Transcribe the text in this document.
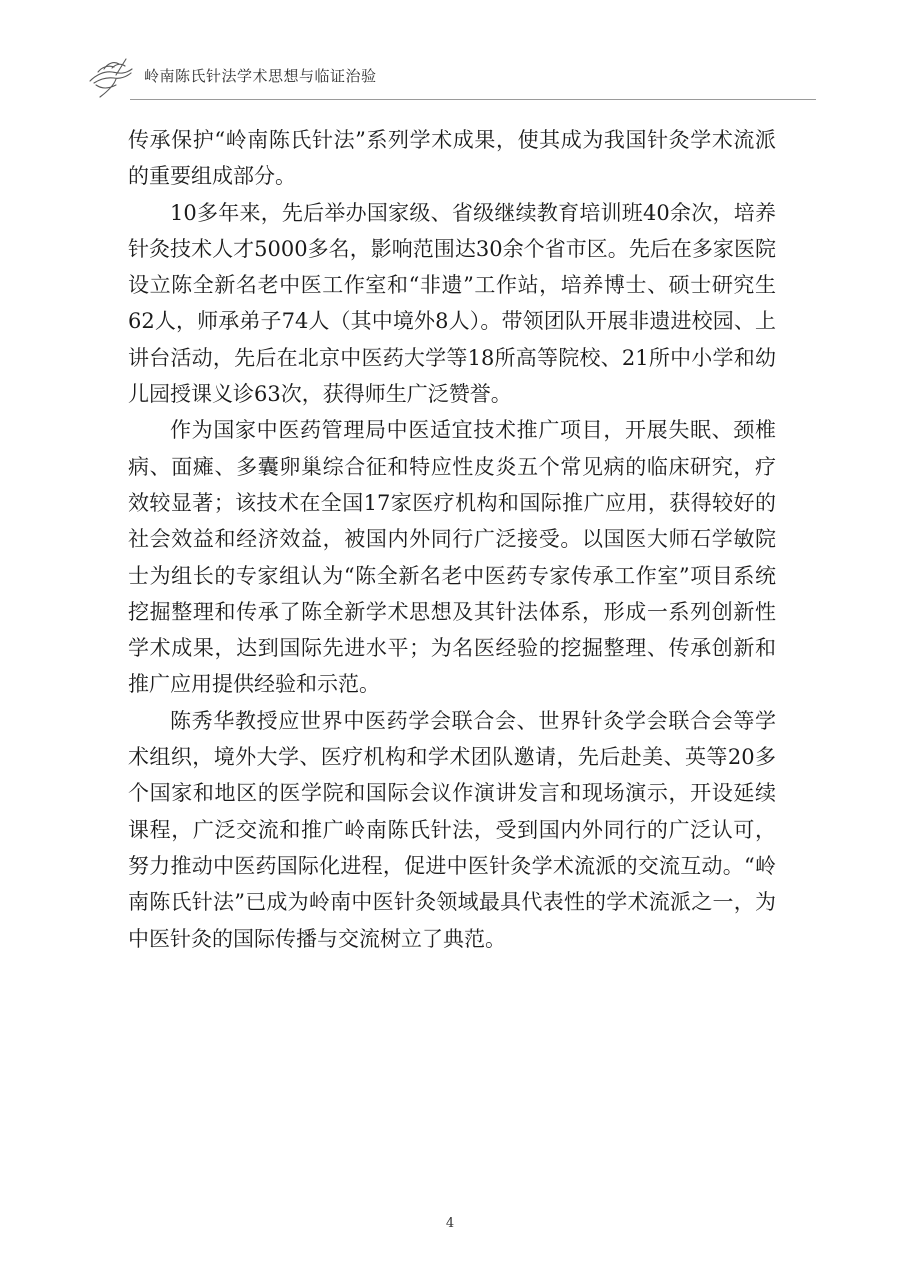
岭南陈氏针法学术思想与临证治验

传承保护“岭南陈氏针法”系列学术成果，使其成为我国针灸学术流派的重要组成部分。

10多年来，先后举办国家级、省级继续教育培训班40余次，培养针灸技术人才5000多名，影响范围达30余个省市区。先后在多家医院设立陈全新名老中医工作室和“非遗”工作站，培养博士、硕士研究生62人，师承弟子74人（其中境外8人）。带领团队开展非遗进校园、上讲台活动，先后在北京中医药大学等18所高等院校、21所中小学和幼儿园授课义诊63次，获得师生广泛赞誉。

作为国家中医药管理局中医适宜技术推广项目，开展失眠、颈椎病、面瘫、多囊卵巢综合征和特应性皮炎五个常见病的临床研究，疗效较显著；该技术在全国17家医疗机构和国际推广应用，获得较好的社会效益和经济效益，被国内外同行广泛接受。以国医大师石学敏院士为组长的专家组认为“陈全新名老中医药专家传承工作室”项目系统挖掘整理和传承了陈全新学术思想及其针法体系，形成一系列创新性学术成果，达到国际先进水平；为名医经验的挖掘整理、传承创新和推广应用提供经验和示范。

陈秀华教授应世界中医药学会联合会、世界针灸学会联合会等学术组织，境外大学、医疗机构和学术团队邀请，先后赴美、英等20多个国家和地区的医学院和国际会议作演讲发言和现场演示，开设延续课程，广泛交流和推广岭南陈氏针法，受到国内外同行的广泛认可，努力推动中医药国际化进程，促进中医针灸学术流派的交流互动。“岭南陈氏针法”已成为岭南中医针灸领域最具代表性的学术流派之一，为中医针灸的国际传播与交流树立了典范。

4
